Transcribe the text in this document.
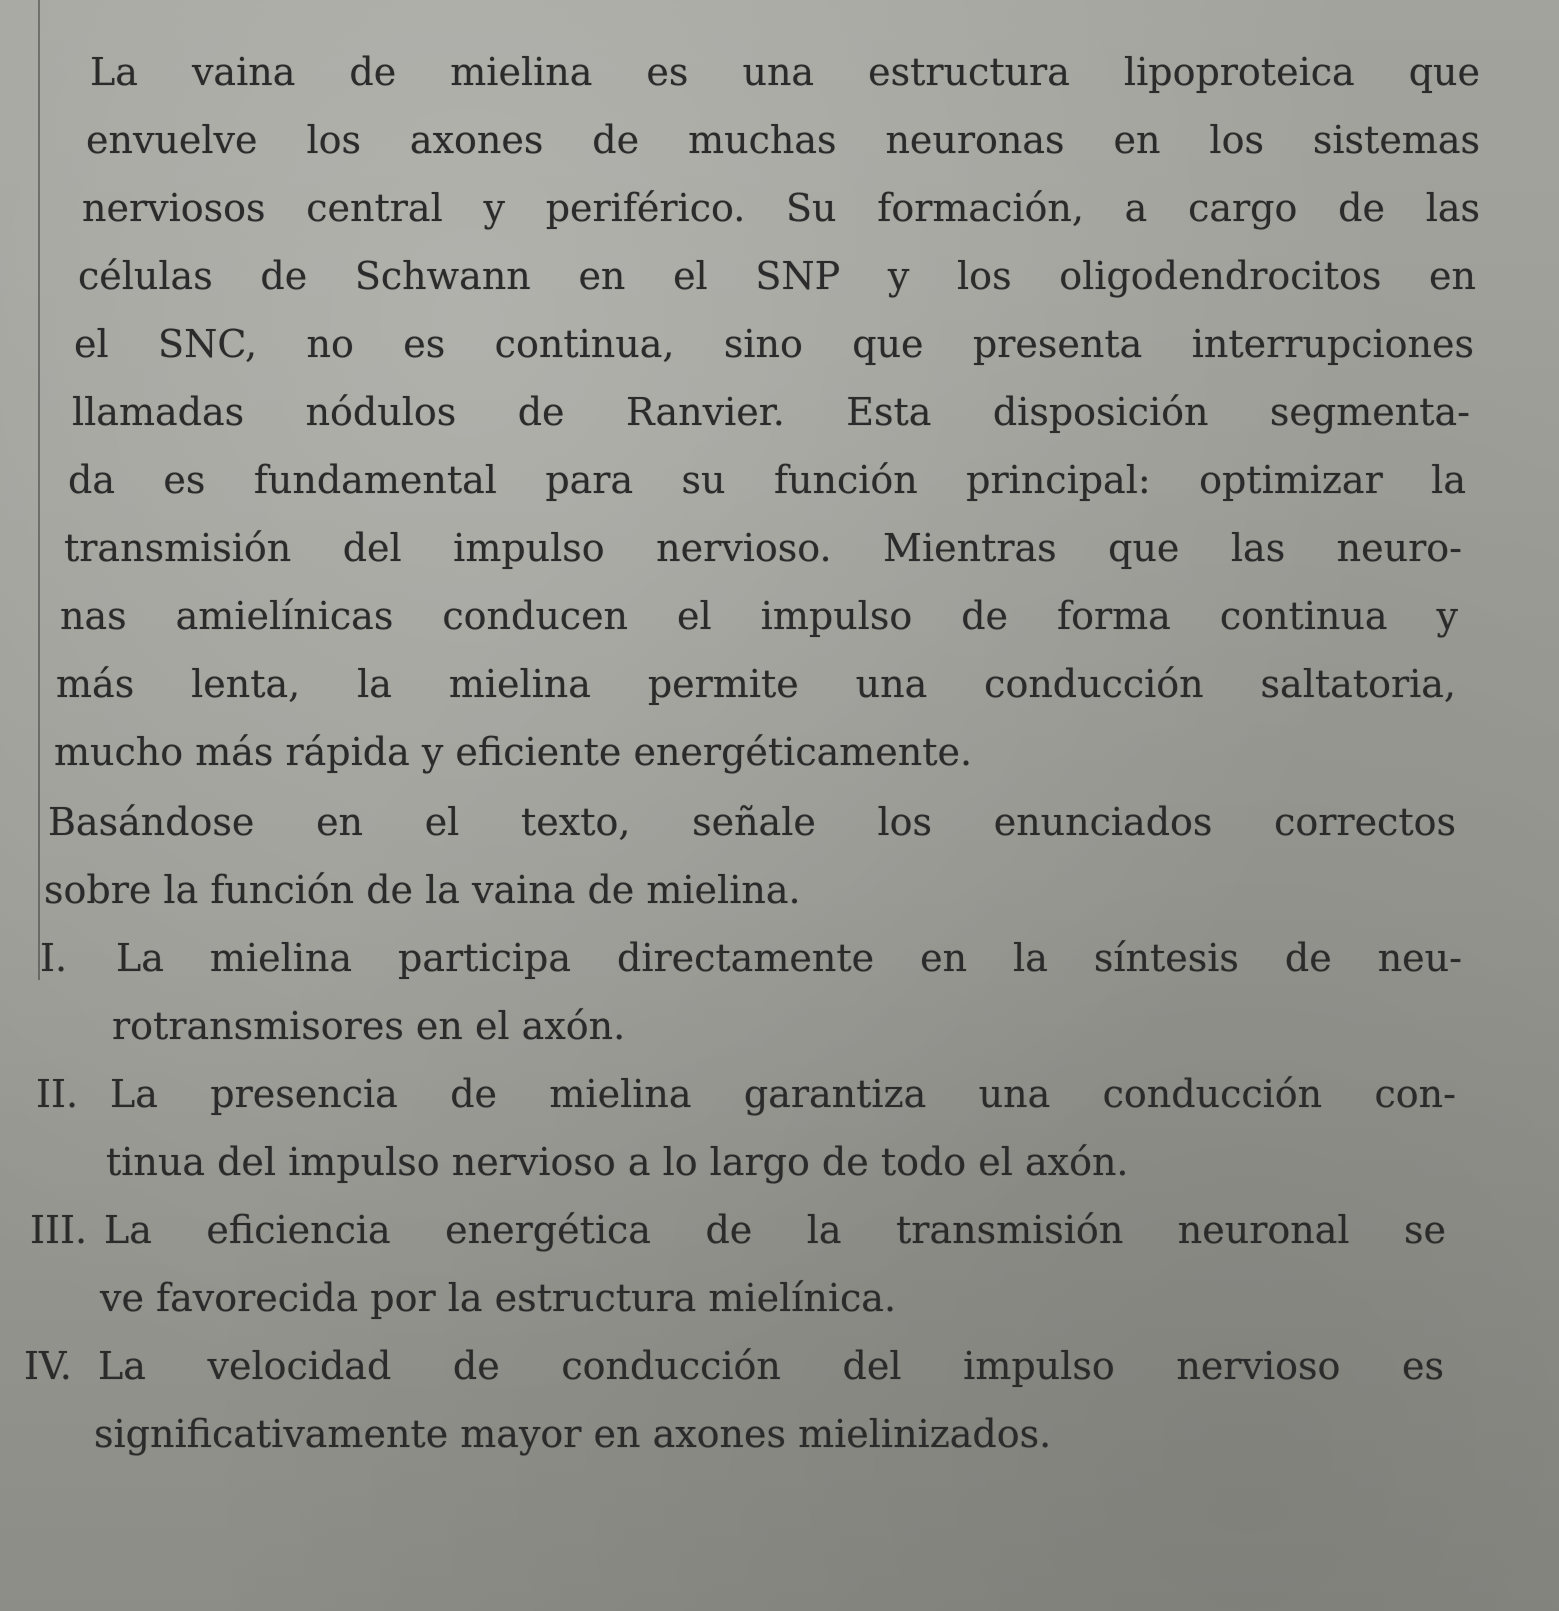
La vaina de mielina es una estructura lipoproteica que
envuelve los axones de muchas neuronas en los sistemas
nerviosos central y periférico. Su formación, a cargo de las
células de Schwann en el SNP y los oligodendrocitos en
el SNC, no es continua, sino que presenta interrupciones
llamadas nódulos de Ranvier. Esta disposición segmenta-
da es fundamental para su función principal: optimizar la
transmisión del impulso nervioso. Mientras que las neuro-
nas amielínicas conducen el impulso de forma continua y
más lenta, la mielina permite una conducción saltatoria,
mucho más rápida y eficiente energéticamente.
Basándose en el texto, señale los enunciados correctos
sobre la función de la vaina de mielina.
I. La mielina participa directamente en la síntesis de neu-
rotransmisores en el axón.
II. La presencia de mielina garantiza una conducción con-
tinua del impulso nervioso a lo largo de todo el axón.
III. La eficiencia energética de la transmisión neuronal se
ve favorecida por la estructura mielínica.
IV. La velocidad de conducción del impulso nervioso es
significativamente mayor en axones mielinizados.
